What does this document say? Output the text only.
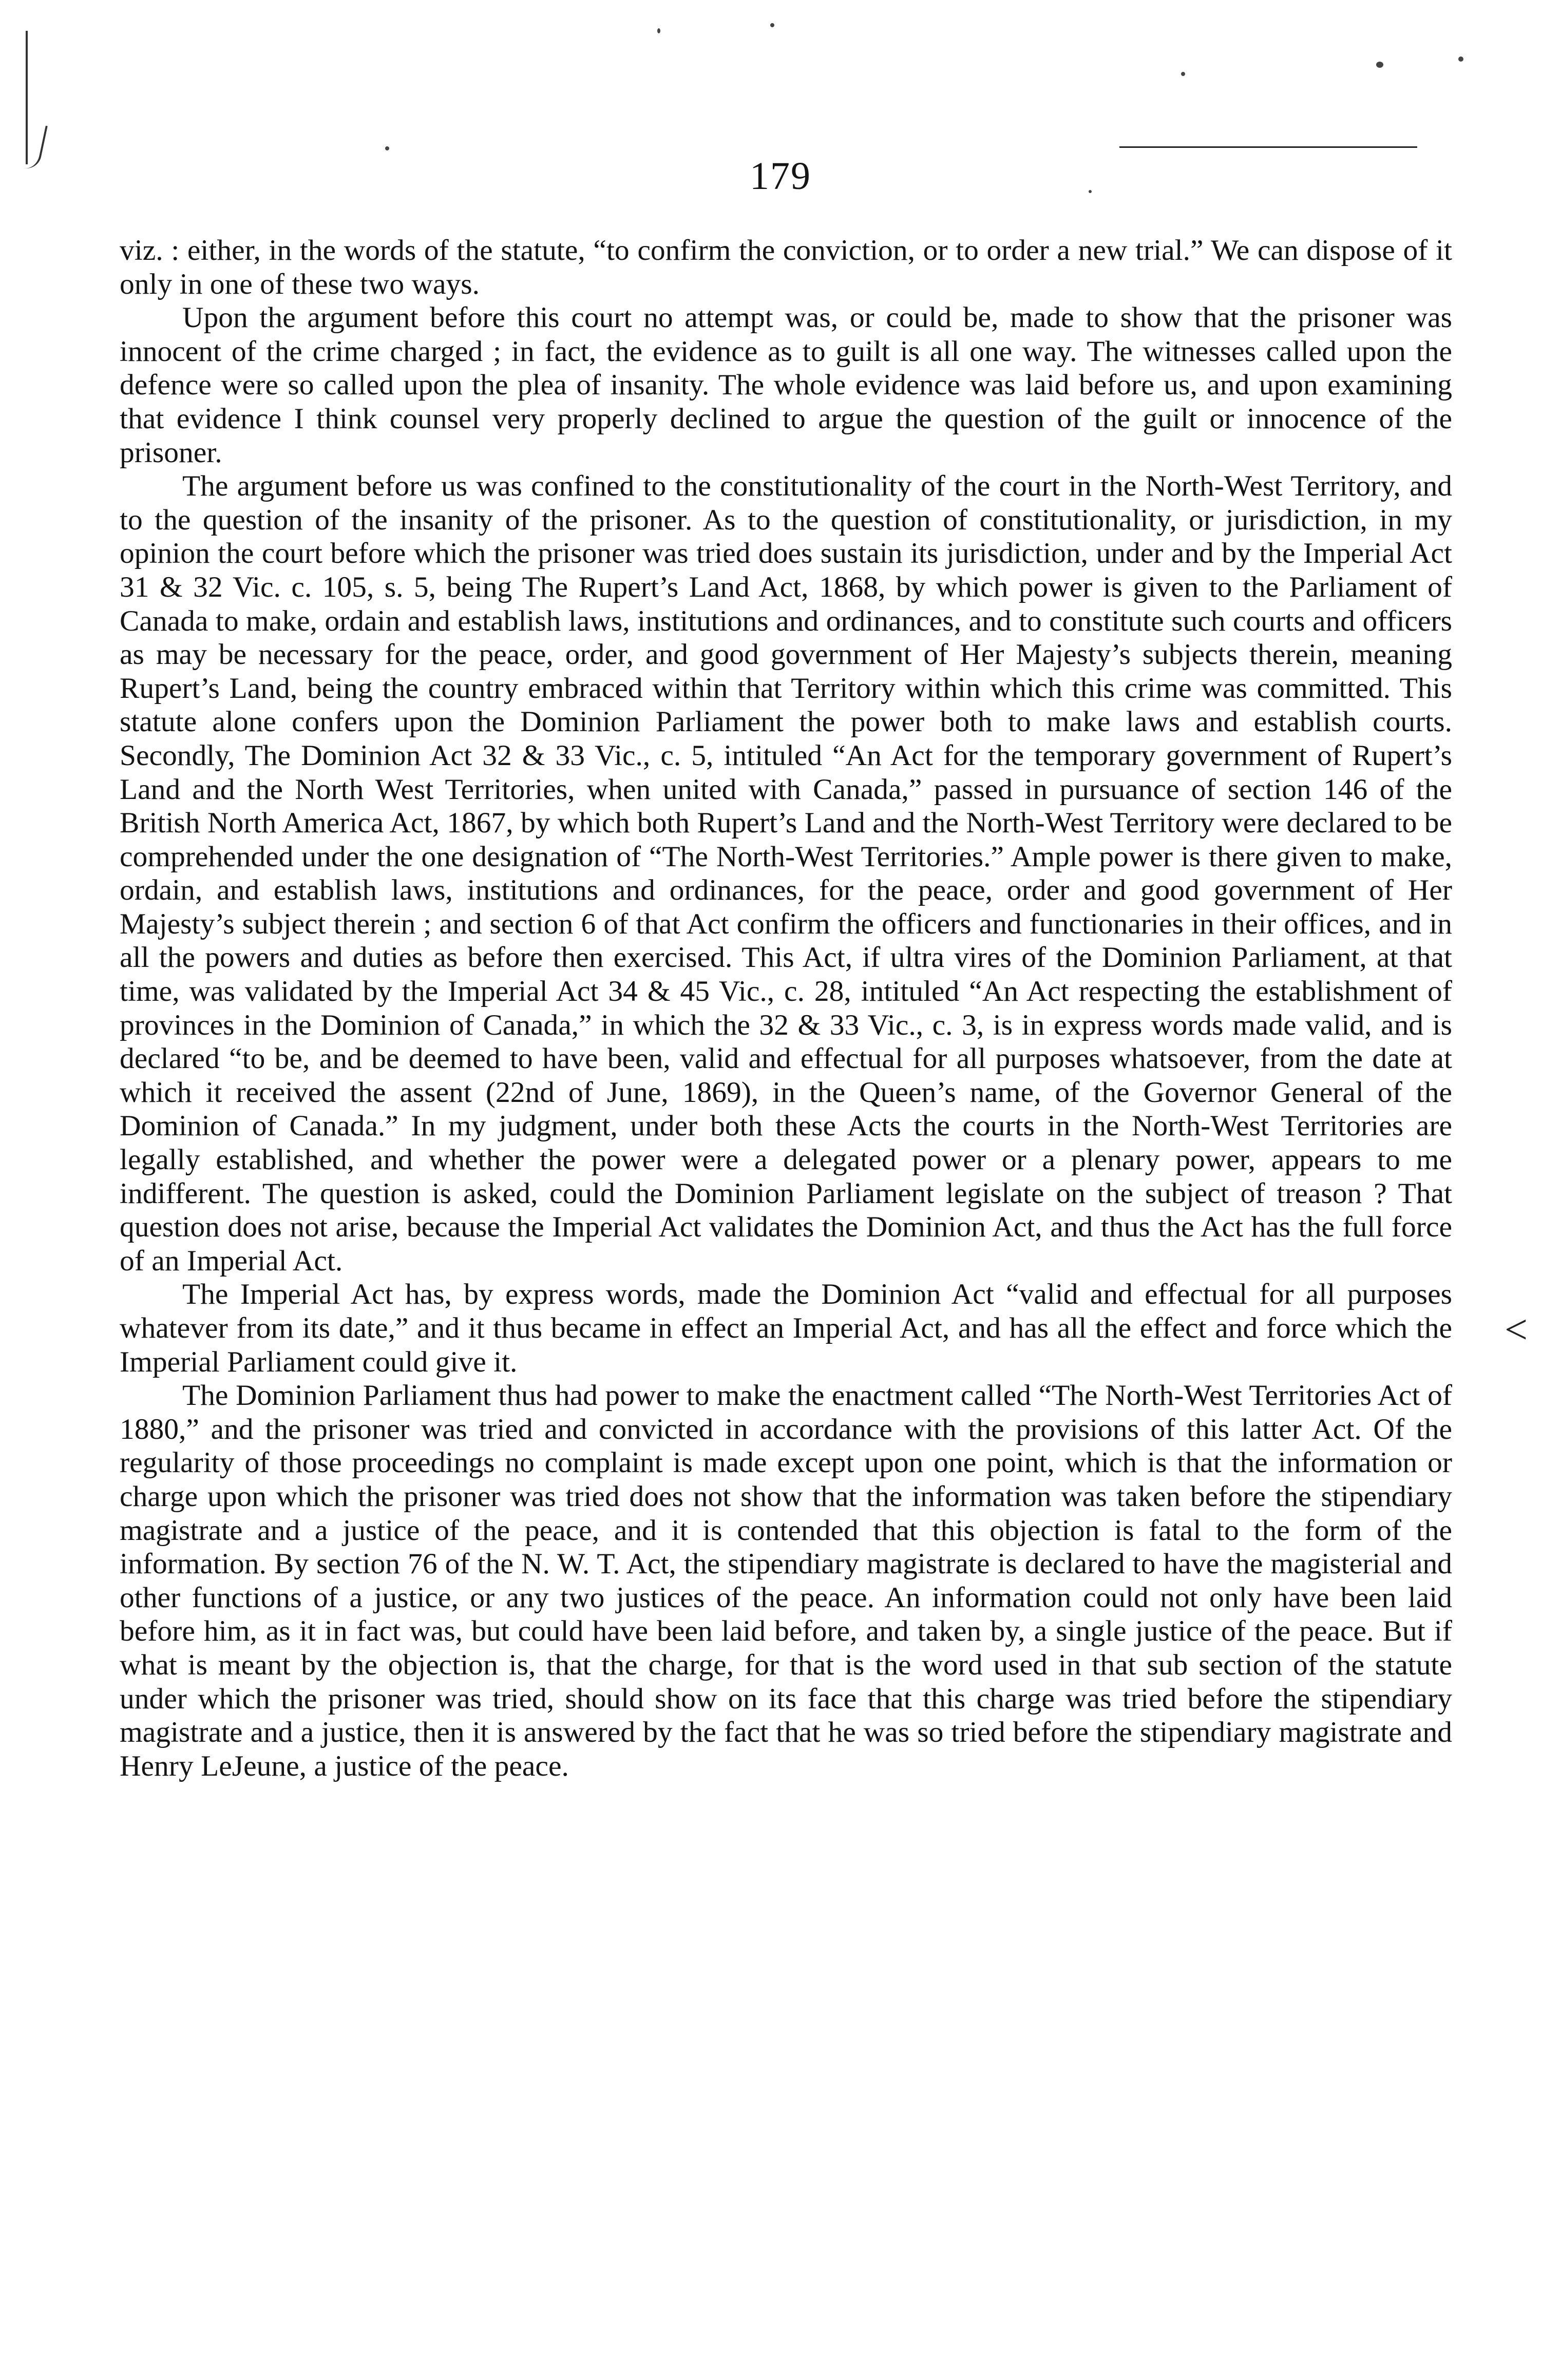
<
179

viz. : either, in the words of the statute, “to confirm the conviction, or to order a new trial.” We can dispose of it only in one of these two ways.

Upon the argument before this court no attempt was, or could be, made to show that the prisoner was innocent of the crime charged ; in fact, the evidence as to guilt is all one way. The witnesses called upon the defence were so called upon the plea of insanity. The whole evidence was laid before us, and upon examining that evidence I think counsel very properly declined to argue the question of the guilt or innocence of the prisoner.

The argument before us was confined to the constitutionality of the court in the North-West Territory, and to the question of the insanity of the prisoner. As to the question of constitutionality, or jurisdiction, in my opinion the court before which the prisoner was tried does sustain its jurisdiction, under and by the Imperial Act 31 & 32 Vic. c. 105, s. 5, being The Rupert’s Land Act, 1868, by which power is given to the Parliament of Canada to make, ordain and establish laws, institutions and ordinances, and to constitute such courts and officers as may be necessary for the peace, order, and good government of Her Majesty’s subjects therein, meaning Rupert’s Land, being the country embraced within that Territory within which this crime was committed. This statute alone confers upon the Dominion Parliament the power both to make laws and establish courts. Secondly, The Dominion Act 32 & 33 Vic., c. 5, intituled “An Act for the temporary government of Rupert’s Land and the North West Territories, when united with Canada,” passed in pursuance of section 146 of the British North America Act, 1867, by which both Rupert’s Land and the North-West Territory were declared to be comprehended under the one designation of “The North-West Territories.” Ample power is there given to make, ordain, and establish laws, institutions and ordinances, for the peace, order and good government of Her Majesty’s subject therein ; and section 6 of that Act confirm the officers and functionaries in their offices, and in all the powers and duties as before then exercised. This Act, if ultra vires of the Dominion Parliament, at that time, was validated by the Imperial Act 34 & 45 Vic., c. 28, intituled “An Act respecting the establishment of provinces in the Dominion of Canada,” in which the 32 & 33 Vic., c. 3, is in express words made valid, and is declared “to be, and be deemed to have been, valid and effectual for all purposes whatsoever, from the date at which it received the assent (22nd of June, 1869), in the Queen’s name, of the Governor General of the Dominion of Canada.” In my judgment, under both these Acts the courts in the North-West Territories are legally established, and whether the power were a delegated power or a plenary power, appears to me indifferent. The question is asked, could the Dominion Parliament legislate on the subject of treason ? That question does not arise, because the Imperial Act validates the Dominion Act, and thus the Act has the full force of an Imperial Act.

The Imperial Act has, by express words, made the Dominion Act “valid and effectual for all purposes whatever from its date,” and it thus became in effect an Imperial Act, and has all the effect and force which the Imperial Parliament could give it.

The Dominion Parliament thus had power to make the enactment called “The North-West Territories Act of 1880,” and the prisoner was tried and convicted in accordance with the provisions of this latter Act. Of the regularity of those proceedings no complaint is made except upon one point, which is that the information or charge upon which the prisoner was tried does not show that the information was taken before the stipendiary magistrate and a justice of the peace, and it is contended that this objection is fatal to the form of the information. By section 76 of the N. W. T. Act, the stipendiary magistrate is declared to have the magisterial and other functions of a justice, or any two justices of the peace. An information could not only have been laid before him, as it in fact was, but could have been laid before, and taken by, a single justice of the peace. But if what is meant by the objection is, that the charge, for that is the word used in that sub section of the statute under which the prisoner was tried, should show on its face that this charge was tried before the stipendiary magistrate and a justice, then it is answered by the fact that he was so tried before the stipendiary magistrate and Henry LeJeune, a justice of the peace.
